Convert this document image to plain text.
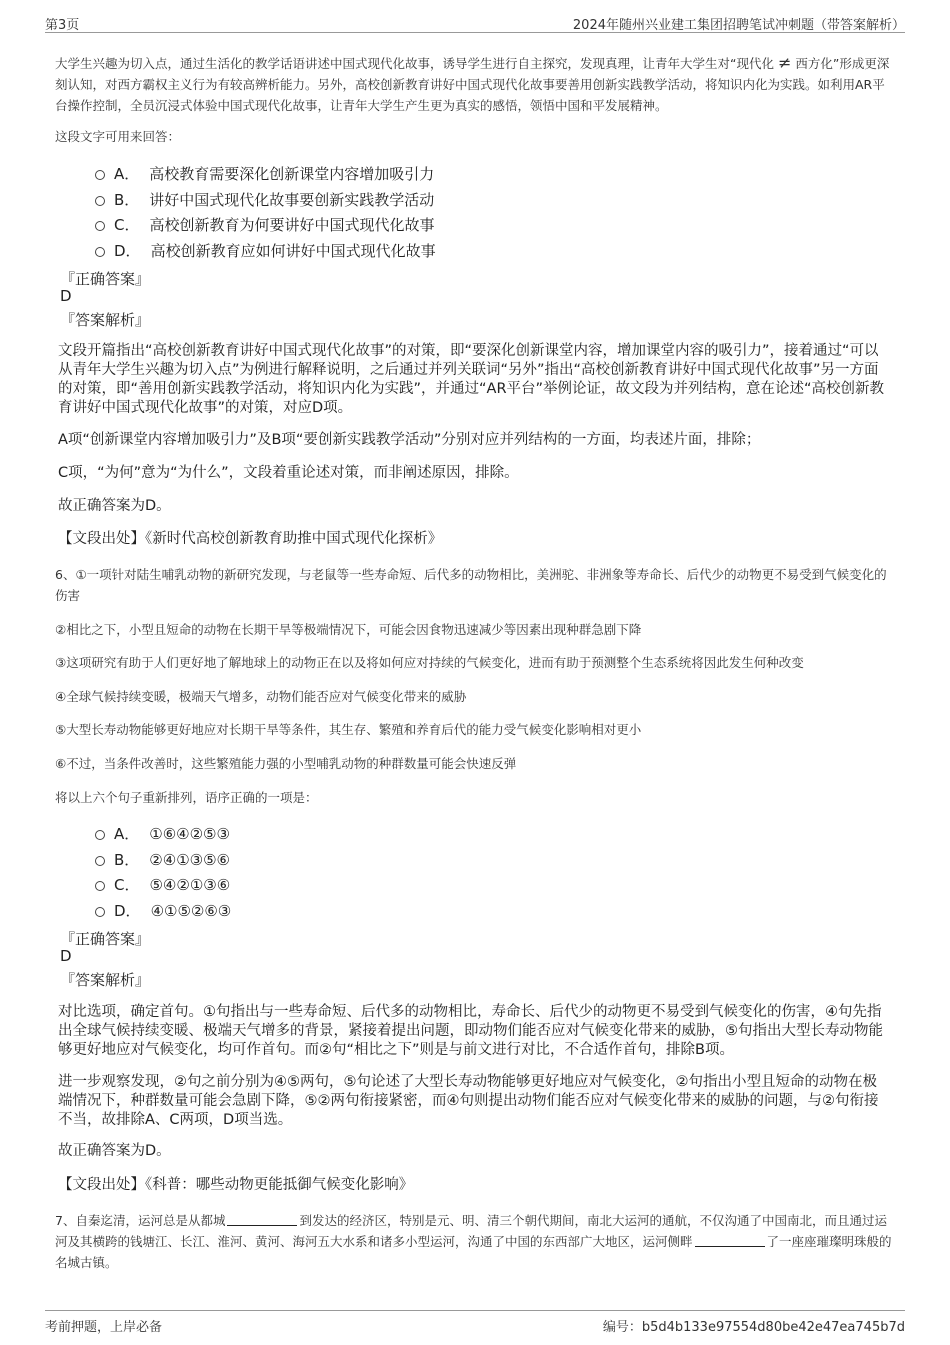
第3页	2024年随州兴业建工集团招聘笔试冲刺题（带答案解析）
大学生兴趣为切入点，通过生活化的教学话语讲述中国式现代化故事，诱导学生进行自主探究，发现真理，让青年大学生对“现代化 ≠ 西方化”形成更深刻认知，对西方霸权主义行为有较高辨析能力。另外，高校创新教育讲好中国式现代化故事要善用创新实践教学活动，将知识内化为实践。如利用AR平台操作控制，全员沉浸式体验中国式现代化故事，让青年大学生产生更为真实的感悟，领悟中国和平发展精神。
这段文字可用来回答：
A． 高校教育需要深化创新课堂内容增加吸引力
B． 讲好中国式现代化故事要创新实践教学活动
C． 高校创新教育为何要讲好中国式现代化故事
D． 高校创新教育应如何讲好中国式现代化故事
『正确答案』
D
『答案解析』
文段开篇指出“高校创新教育讲好中国式现代化故事”的对策，即“要深化创新课堂内容，增加课堂内容的吸引力”，接着通过“可以从青年大学生兴趣为切入点”为例进行解释说明，之后通过并列关联词“另外”指出“高校创新教育讲好中国式现代化故事”另一方面的对策，即“善用创新实践教学活动，将知识内化为实践”，并通过“AR平台”举例论证，故文段为并列结构，意在论述“高校创新教育讲好中国式现代化故事”的对策，对应D项。
A项“创新课堂内容增加吸引力”及B项“要创新实践教学活动”分别对应并列结构的一方面，均表述片面，排除；
C项，“为何”意为“为什么”，文段着重论述对策，而非阐述原因，排除。
故正确答案为D。
【文段出处】《新时代高校创新教育助推中国式现代化探析》
6、①一项针对陆生哺乳动物的新研究发现，与老鼠等一些寿命短、后代多的动物相比，美洲驼、非洲象等寿命长、后代少的动物更不易受到气候变化的伤害
②相比之下，小型且短命的动物在长期干旱等极端情况下，可能会因食物迅速减少等因素出现种群急剧下降
③这项研究有助于人们更好地了解地球上的动物正在以及将如何应对持续的气候变化，进而有助于预测整个生态系统将因此发生何种改变
④全球气候持续变暖，极端天气增多，动物们能否应对气候变化带来的威胁
⑤大型长寿动物能够更好地应对长期干旱等条件，其生存、繁殖和养育后代的能力受气候变化影响相对更小
⑥不过，当条件改善时，这些繁殖能力强的小型哺乳动物的种群数量可能会快速反弹
将以上六个句子重新排列，语序正确的一项是：
A． ①⑥④②⑤③
B． ②④①③⑤⑥
C． ⑤④②①③⑥
D． ④①⑤②⑥③
『正确答案』
D
『答案解析』
对比选项，确定首句。①句指出与一些寿命短、后代多的动物相比，寿命长、后代少的动物更不易受到气候变化的伤害，④句先指出全球气候持续变暖、极端天气增多的背景，紧接着提出问题，即动物们能否应对气候变化带来的威胁，⑤句指出大型长寿动物能够更好地应对气候变化，均可作首句。而②句“相比之下”则是与前文进行对比，不合适作首句，排除B项。
进一步观察发现，②句之前分别为④⑤两句，⑤句论述了大型长寿动物能够更好地应对气候变化，②句指出小型且短命的动物在极端情况下，种群数量可能会急剧下降，⑤②两句衔接紧密，而④句则提出动物们能否应对气候变化带来的威胁的问题，与②句衔接不当，故排除A、C两项，D项当选。
故正确答案为D。
【文段出处】《科普：哪些动物更能抵御气候变化影响》
7、自秦迄清，运河总是从都城	到发达的经济区，特别是元、明、清三个朝代期间，南北大运河的通航，不仅沟通了中国南北，而且通过运河及其横跨的钱塘江、长江、淮河、黄河、海河五大水系和诸多小型运河，沟通了中国的东西部广大地区，运河侧畔	了一座座璀璨明珠般的名城古镇。
考前押题，上岸必备	编号：b5d4b133e97554d80be42e47ea745b7d
